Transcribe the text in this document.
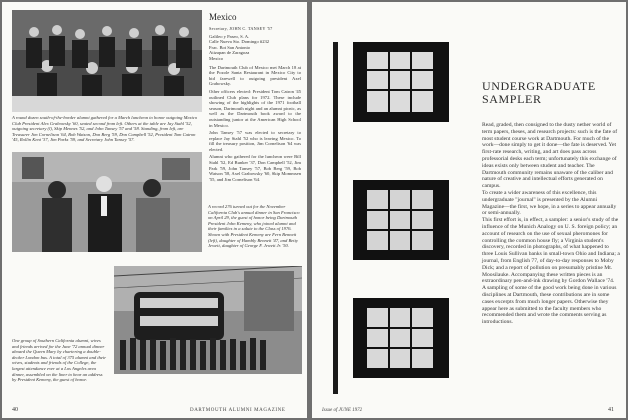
A round dozen south-of-the-border alumni gathered for a March luncheon to honor outgoing Mexico Club President Alex Grabowsky '60, seated second from left. Others at the table are Jay Stahl '52, outgoing secretary (l), Skip Mennes '52, and John Tansey '57 and '58. Standing, from left, are Treasurer Jim Cornelison '64, Bob Watson, Don Berg '59, Don Campbell '52, President Tom Catron '45, Rollin Kent '37, Jim Parks '59, and Secretary John Tansey '57.

Mexico

Secretary, JOHN C. TANSEY '57

Galileo y Paseo, S. A.
Calle Nueva Sto. Domingo #232
Frac. Bot San Antonio
Atizapan de Zaragoza
Mexico

The Dartmouth Club of Mexico met March 18 at the Pozole Santa Restaurant in Mexico City to bid farewell to outgoing president Axel Grabowsky.

Other officers elected: President Tom Catron '45 outlined Club plans for 1972. These include showing of the highlights of the 1971 football season, Dartmouth night and an alumni picnic, as well as the Dartmouth book award to the outstanding junior at the American High School in Mexico.

John Tansey '57 was elected to secretary to replace Jay Stahl '52 who is leaving Mexico. To fill the treasury position, Jim Cornelison '64 was elected.

Alumni who gathered for the luncheon were Bill Stahl '52, Ed Bunker '37, Don Campbell '52, Jim Park '59, John Tansey '57, Bob Berg '59, Bob Watson '58, Axel Grabowsky '60, Skip Mommsen '55, and Jim Cornelison '64.

A record 276 turned out for the November California Club's annual dinner in San Francisco on April 29, the guest of honor being Dartmouth President John Kemeny, who joined alumni and their families in a salute to the Class of 1976. Shown with President Kemeny are Fern Bennett (left), daughter of Hambly Bennett '47, and Betty Jewett, daughter of George F. Jewett Jr. '50.

One group of Southern California alumni, wives and friends arrived for the June '72 annual dinner aboard the Queen Mary by chartering a double-decker London bus. A total of 375 alumni and their wives, students and friends of the College, the largest attendance ever at a Los Angeles area dinner, assembled on the liner to hear an address by President Kemeny, the guest of honor.

40	DARTMOUTH ALUMNI MAGAZINE
UNDERGRADUATE
SAMPLER

Read, graded, then consigned to the dusty nether world of term papers, theses, and research projects: such is the fate of most student course work at Dartmouth. For much of the work—done simply to get it done—the fate is deserved. Yet first-rate research, writing, and art does pass across professorial desks each term; unfortunately this exchange of ideas exists only between student and teacher. The Dartmouth community remains unaware of the caliber and nature of creative and intellectual efforts generated on campus.

To create a wider awareness of this excellence, this undergraduate "journal" is presented by the Alumni Magazine—the first, we hope, in a series to appear annually or semi-annually.

This first effort is, in effect, a sampler: a senior's study of the influence of the Munich Analogy on U. S. foreign policy; an account of research on the use of sexual pheromones for controlling the common house fly; a Virginia student's discovery, recorded in photographs, of what happened to three Louis Sullivan banks in small-town Ohio and Indiana; a journal, from English 77, of day-to-day responses to Moby Dick; and a report of pollution on presumably pristine Mt. Moosilauke. Accompanying these written pieces is an extraordinary pen-and-ink drawing by Gordon Wallace '74.

A sampling of some of the good work being done in various disciplines at Dartmouth, these contributions are in some cases excerpts from much longer papers. Otherwise they appear here as submitted to the faculty members who recommended them and wrote the comments serving as introductions.

Issue of JUNE 1972	41
